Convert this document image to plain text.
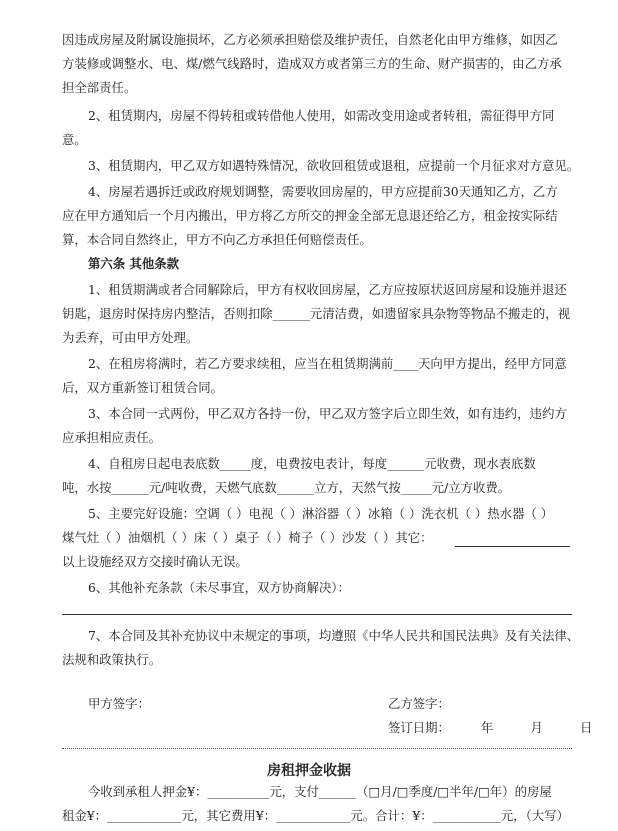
因违成房屋及附属设施损坏，乙方必须承担赔偿及维护责任，自然老化由甲方维修，如因乙
方装修或调整水、电、煤/燃气线路时，造成双方或者第三方的生命、财产损害的，由乙方承
担全部责任。
2、租赁期内，房屋不得转租或转借他人使用，如需改变用途或者转租，需征得甲方同
意。
3、租赁期内，甲乙双方如遇特殊情况，欲收回租赁或退租，应提前一个月征求对方意见。
4、房屋若遇拆迁或政府规划调整，需要收回房屋的，甲方应提前30天通知乙方，乙方
应在甲方通知后一个月内搬出，甲方将乙方所交的押金全部无息退还给乙方，租金按实际结
算，本合同自然终止，甲方不向乙方承担任何赔偿责任。
第六条 其他条款
1、租赁期满或者合同解除后，甲方有权收回房屋，乙方应按原状返回房屋和设施并退还
钥匙，退房时保持房内整洁，否则扣除______元清洁费，如遗留家具杂物等物品不搬走的，视
为丢弃，可由甲方处理。
2、在租房将满时，若乙方要求续租，应当在租赁期满前____天向甲方提出，经甲方同意
后，双方重新签订租赁合同。
3、本合同一式两份，甲乙双方各持一份，甲乙双方签字后立即生效，如有违约，违约方
应承担相应责任。
4、自租房日起电表底数_____度，电费按电表计，每度______元收费，现水表底数
吨，水按______元/吨收费，天燃气底数______立方，天然气按_____元/立方收费。
5、主要完好设施：空调（ ）电视（ ）淋浴器（ ）冰箱（ ）洗衣机（ ）热水器（ ）
煤气灶（ ）油烟机（ ）床（ ）桌子（ ）椅子（ ）沙发（ ）其它：
以上设施经双方交接时确认无误。
6、其他补充条款（未尽事宜，双方协商解决）：
7、本合同及其补充协议中未规定的事项，均遵照《中华人民共和国民法典》及有关法律、
法规和政策执行。
甲方签字：	乙方签字：
签订日期：　　　年　　　月　　　日
房租押金收据
今收到承租人押金¥：__________元，支付______（□月/□季度/□半年/□年）的房屋
租金¥：____________元，其它费用¥：____________元。合计：¥：___________元，（大写）
